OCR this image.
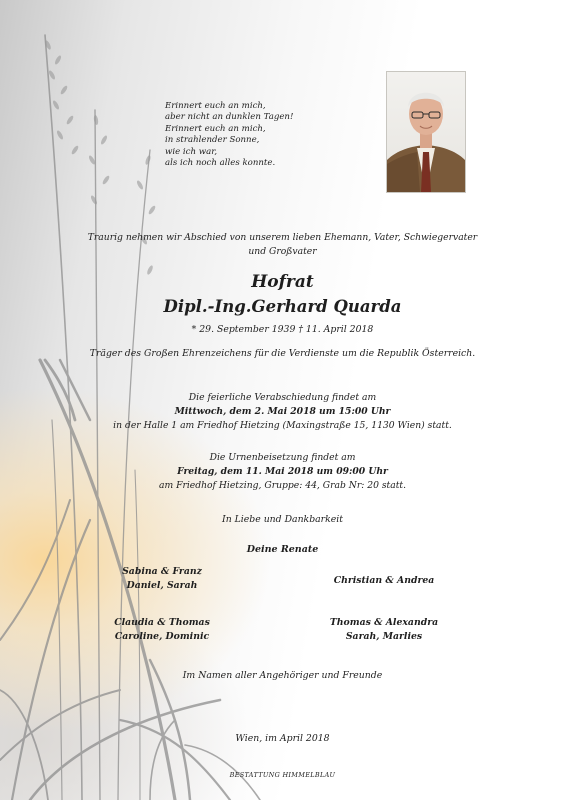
Erinnert euch an mich,
aber nicht an dunklen Tagen!
Erinnert euch an mich,
in strahlender Sonne,
wie ich war,
als ich noch alles konnte.
Traurig nehmen wir Abschied von unserem lieben Ehemann, Vater, Schwiegervater
und Großvater
Hofrat
Dipl.-Ing.Gerhard Quarda
* 29. September 1939 † 11. April 2018
Träger des Großen Ehrenzeichens für die Verdienste um die Republik Österreich.
Die feierliche Verabschiedung findet am
Mittwoch, dem 2. Mai 2018 um 15:00 Uhr
in der Halle 1 am Friedhof Hietzing (Maxingstraße 15, 1130 Wien) statt.
Die Urnenbeisetzung findet am
Freitag, dem 11. Mai 2018 um 09:00 Uhr
am Friedhof Hietzing, Gruppe: 44, Grab Nr: 20 statt.
In Liebe und Dankbarkeit
Deine Renate
Sabina & Franz
Daniel, Sarah	Christian & Andrea
Claudia & Thomas
Caroline, Dominic
Thomas & Alexandra
Sarah, Marlies
Im Namen aller Angehöriger und Freunde
Wien, im April 2018
BESTATTUNG HIMMELBLAU
